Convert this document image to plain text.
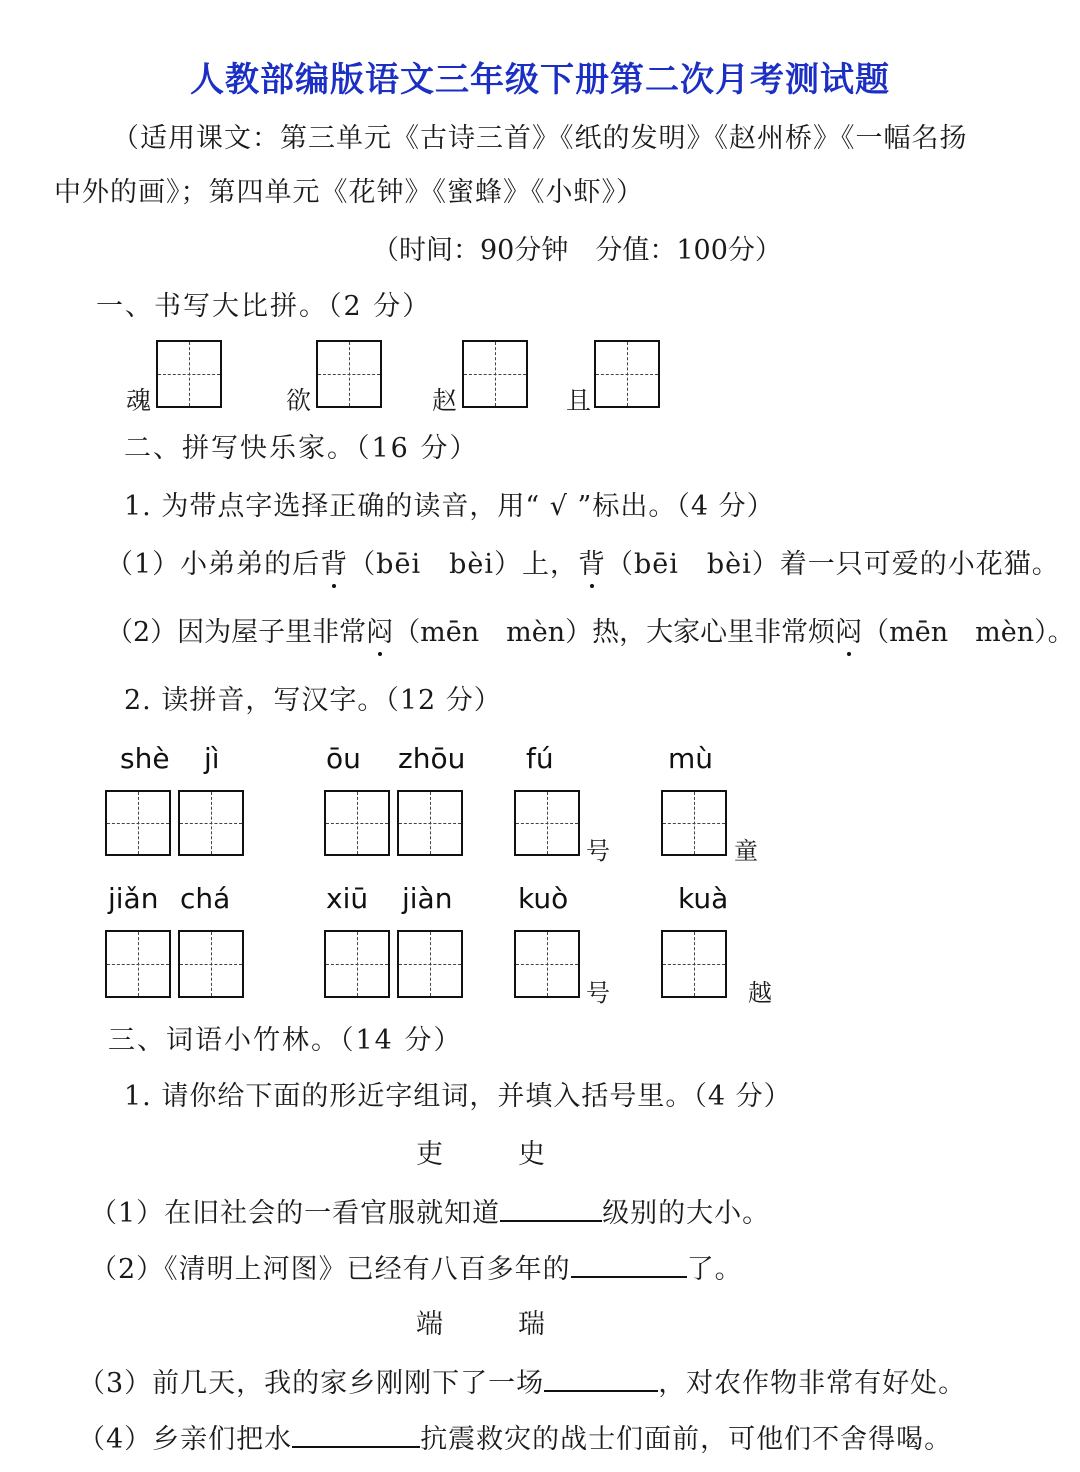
人教部编版语文三年级下册第二次月考测试题
（适用课文：第三单元《古诗三首》《纸的发明》《赵州桥》《一幅名扬
中外的画》；第四单元《花钟》《蜜蜂》《小虾》）
（时间：90分钟　分值：100分）
一、书写大比拼。（2 分）
魂	欲	赵	且
二、拼写快乐家。（16 分）
1. 为带点字选择正确的读音，用“ √ ”标出。（4 分）
（1）小弟弟的后背（bēi　bèi）上，背（bēi　bèi）着一只可爱的小花猫。
（2）因为屋子里非常闷（mēn　mèn）热，大家心里非常烦闷（mēn　mèn）。
2. 读拼音，写汉字。（12 分）
shè jì	ōu zhōu fú	mù
号	童
jiǎn chá	xiū jiàn kuò	kuà
号	越
三、词语小竹林。（14 分）
1. 请你给下面的形近字组词，并填入括号里。（4 分）
吏	史
（1）在旧社会的一看官服就知道	级别的大小。
（2）《清明上河图》已经有八百多年的	了。
端	瑞
（3）前几天，我的家乡刚刚下了一场	，对农作物非常有好处。
（4）乡亲们把水	抗震救灾的战士们面前，可他们不舍得喝。
